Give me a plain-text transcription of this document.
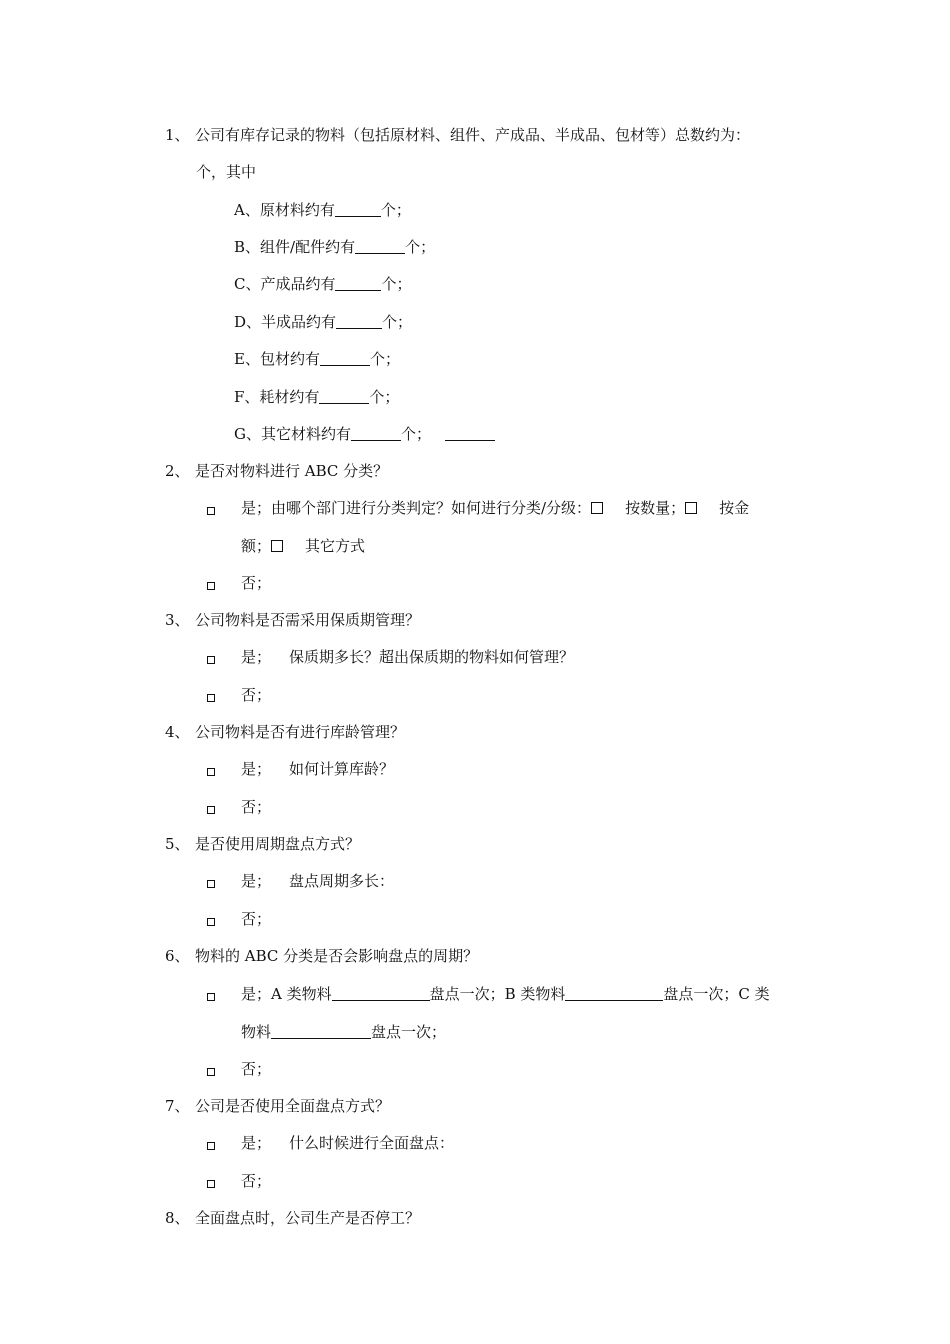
1、 公司有库存记录的物料（包括原材料、组件、产成品、半成品、包材等）总数约为：
个，其中
A、原材料约有	个；
B、组件/配件约有	个；
C、产成品约有	个；
D、半成品约有	个；
E、包材约有	个；
F、耗材约有	个；
G、其它材料约有	个；
2、 是否对物料进行 ABC 分类？
是；由哪个部门进行分类判定？如何进行分类/分级： 按数量； 按金
额； 其它方式
否；
3、 公司物料是否需采用保质期管理？
是； 保质期多长？超出保质期的物料如何管理？
否；
4、 公司物料是否有进行库龄管理？
是； 如何计算库龄？
否；
5、 是否使用周期盘点方式？
是； 盘点周期多长：
否；
6、 物料的 ABC 分类是否会影响盘点的周期？
是；A 类物料	盘点一次；B 类物料	盘点一次；C 类
物料	盘点一次；
否；
7、 公司是否使用全面盘点方式？
是； 什么时候进行全面盘点：
否；
8、 全面盘点时，公司生产是否停工？
